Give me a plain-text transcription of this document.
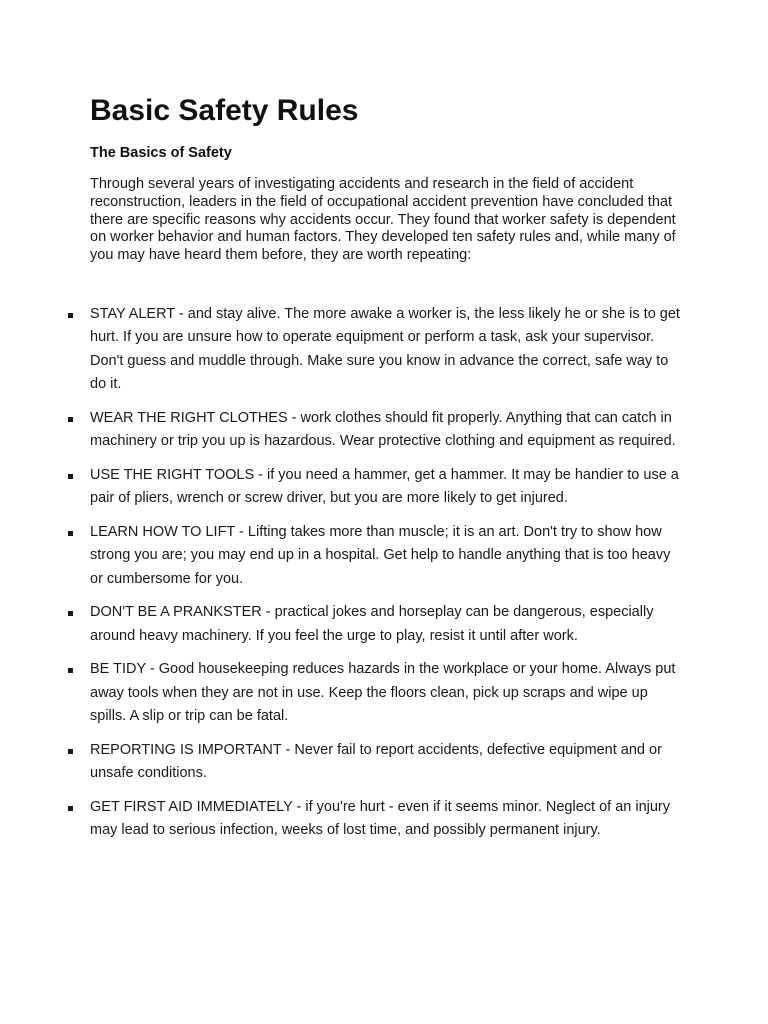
Basic Safety Rules
The Basics of Safety

Through several years of investigating accidents and research in the field of accident reconstruction, leaders in the field of occupational accident prevention have concluded that there are specific reasons why accidents occur. They found that worker safety is dependent on worker behavior and human factors. They developed ten safety rules and, while many of you may have heard them before, they are worth repeating:

STAY ALERT - and stay alive. The more awake a worker is, the less likely he or she is to get hurt. If you are unsure how to operate equipment or perform a task, ask your supervisor. Don't guess and muddle through. Make sure you know in advance the correct, safe way to do it.
WEAR THE RIGHT CLOTHES - work clothes should fit properly. Anything that can catch in machinery or trip you up is hazardous. Wear protective clothing and equipment as required.
USE THE RIGHT TOOLS - if you need a hammer, get a hammer. It may be handier to use a pair of pliers, wrench or screw driver, but you are more likely to get injured.
LEARN HOW TO LIFT - Lifting takes more than muscle; it is an art. Don't try to show how strong you are; you may end up in a hospital. Get help to handle anything that is too heavy or cumbersome for you.
DON'T BE A PRANKSTER - practical jokes and horseplay can be dangerous, especially around heavy machinery. If you feel the urge to play, resist it until after work.
BE TIDY - Good housekeeping reduces hazards in the workplace or your home. Always put away tools when they are not in use. Keep the floors clean, pick up scraps and wipe up spills. A slip or trip can be fatal.
REPORTING IS IMPORTANT - Never fail to report accidents, defective equipment and or unsafe conditions.
GET FIRST AID IMMEDIATELY - if you're hurt - even if it seems minor. Neglect of an injury may lead to serious infection, weeks of lost time, and possibly permanent injury.
